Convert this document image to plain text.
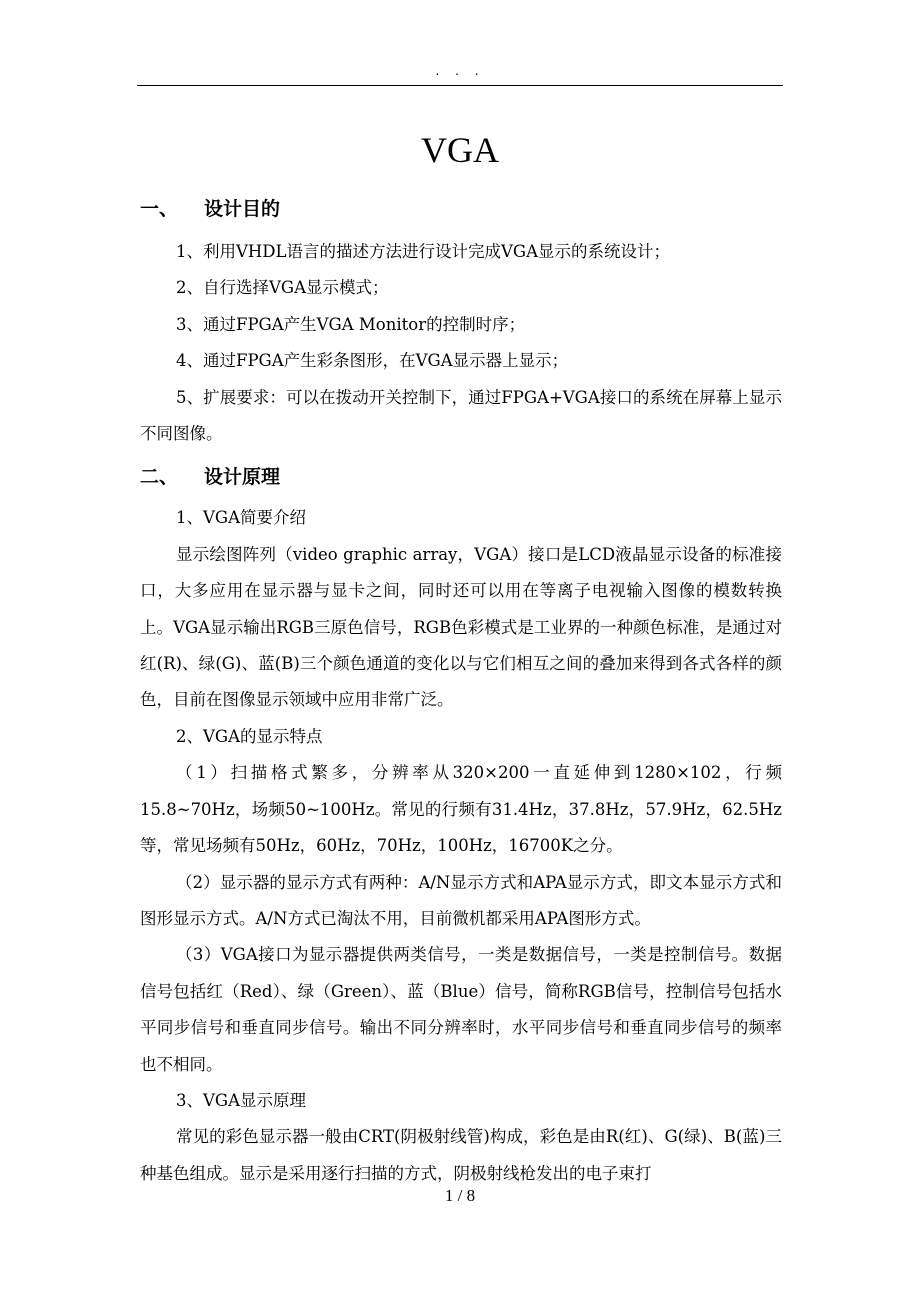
. . .
VGA
一、 设计目的

1、利用VHDL语言的描述方法进行设计完成VGA显示的系统设计；

2、自行选择VGA显示模式；

3、通过FPGA产生VGA Monitor的控制时序；

4、通过FPGA产生彩条图形，在VGA显示器上显示；

5、扩展要求：可以在拨动开关控制下，通过FPGA+VGA接口的系统在屏幕上显示不同图像。

二、 设计原理

1、VGA简要介绍

显示绘图阵列（video graphic array，VGA）接口是LCD液晶显示设备的标准接口，大多应用在显示器与显卡之间，同时还可以用在等离子电视输入图像的模数转换上。VGA显示输出RGB三原色信号，RGB色彩模式是工业界的一种颜色标准，是通过对红(R)、绿(G)、蓝(B)三个颜色通道的变化以与它们相互之间的叠加来得到各式各样的颜色，目前在图像显示领域中应用非常广泛。

2、VGA的显示特点

（1）扫描格式繁多，分辨率从320×200一直延伸到1280×102，行频15.8~70Hz，场频50~100Hz。常见的行频有31.4Hz，37.8Hz，57.9Hz，62.5Hz等，常见场频有50Hz，60Hz，70Hz，100Hz，16700K之分。

（2）显示器的显示方式有两种：A/N显示方式和APA显示方式，即文本显示方式和图形显示方式。A/N方式已淘汰不用，目前微机都采用APA图形方式。

（3）VGA接口为显示器提供两类信号，一类是数据信号，一类是控制信号。数据信号包括红（Red）、绿（Green）、蓝（Blue）信号，简称RGB信号，控制信号包括水平同步信号和垂直同步信号。输出不同分辨率时，水平同步信号和垂直同步信号的频率也不相同。

3、VGA显示原理

常见的彩色显示器一般由CRT(阴极射线管)构成，彩色是由R(红)、G(绿)、B(蓝)三种基色组成。显示是采用逐行扫描的方式，阴极射线枪发出的电子束打

1 / 8
